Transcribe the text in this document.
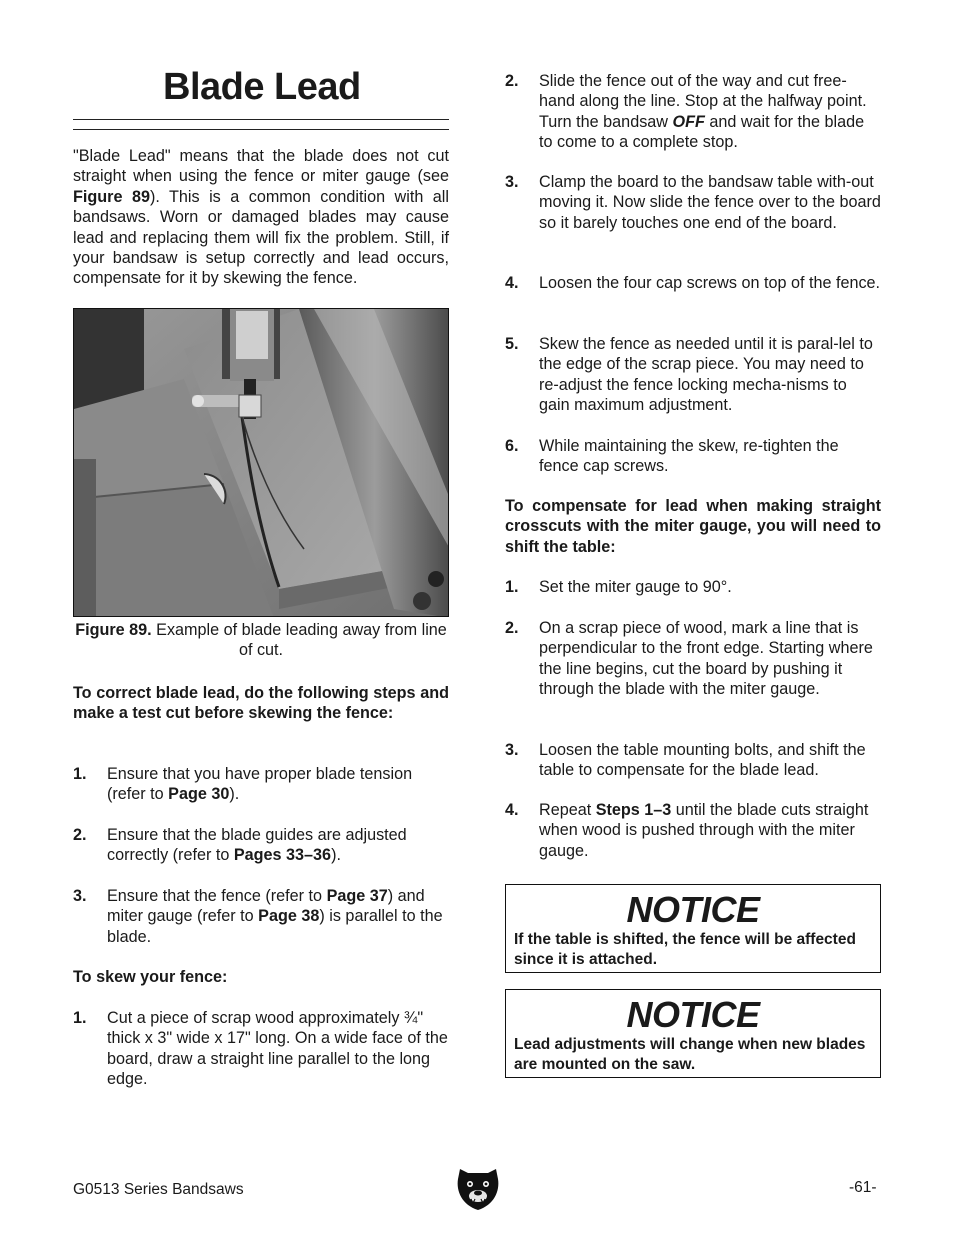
Blade Lead

"Blade Lead" means that the blade does not cut straight when using the fence or miter gauge (see Figure 89). This is a common condition with all bandsaws. Worn or damaged blades may cause lead and replacing them will fix the problem. Still, if your bandsaw is setup correctly and lead occurs, compensate for it by skewing the fence.

Figure 89. Example of blade leading away from line of cut.
To correct blade lead, do the following steps and make a test cut before skewing the fence:
1. Ensure that you have proper blade tension (refer to Page 30).
2. Ensure that the blade guides are adjusted correctly (refer to Pages 33–36).
3. Ensure that the fence (refer to Page 37) and miter gauge (refer to Page 38) is parallel to the blade.
To skew your fence:
1. Cut a piece of scrap wood approximately ¾" thick x 3" wide x 17" long. On a wide face of the board, draw a straight line parallel to the long edge.
2. Slide the fence out of the way and cut free-hand along the line. Stop at the halfway point. Turn the bandsaw OFF and wait for the blade to come to a complete stop.
3. Clamp the board to the bandsaw table with-out moving it. Now slide the fence over to the board so it barely touches one end of the board.
4. Loosen the four cap screws on top of the fence.
5. Skew the fence as needed until it is paral-lel to the edge of the scrap piece. You may need to re-adjust the fence locking mecha-nisms to gain maximum adjustment.
6. While maintaining the skew, re-tighten the fence cap screws.
To compensate for lead when making straight crosscuts with the miter gauge, you will need to shift the table:
1. Set the miter gauge to 90°.
2. On a scrap piece of wood, mark a line that is perpendicular to the front edge. Starting where the line begins, cut the board by pushing it through the blade with the miter gauge.
3. Loosen the table mounting bolts, and shift the table to compensate for the blade lead.
4. Repeat Steps 1–3 until the blade cuts straight when wood is pushed through with the miter gauge.
NOTICE
If the table is shifted, the fence will be affected since it is attached.
NOTICE
Lead adjustments will change when new blades are mounted on the saw.
G0513 Series Bandsaws	-61-
